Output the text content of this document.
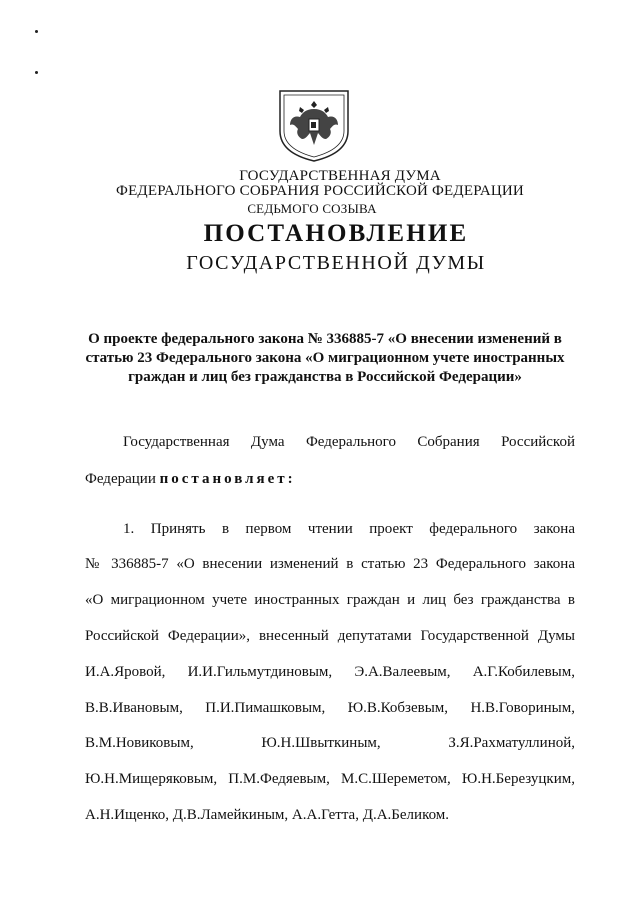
ГОСУДАРСТВЕННАЯ ДУМА
ФЕДЕРАЛЬНОГО СОБРАНИЯ РОССИЙСКОЙ ФЕДЕРАЦИИ
СЕДЬМОГО СОЗЫВА
ПОСТАНОВЛЕНИЕ
ГОСУДАРСТВЕННОЙ ДУМЫ
О проекте федерального закона № 336885-7 «О внесении изменений в
статью 23 Федерального закона «О миграционном учете иностранных
граждан и лиц без гражданства в Российской Федерации»
Государственная Дума Федерального Собрания Российской
Федерации постановляет:
1. Принять в первом чтении проект федерального закона
№ 336885-7 «О внесении изменений в статью 23 Федерального закона
«О миграционном учете иностранных граждан и лиц без гражданства в
Российской Федерации», внесенный депутатами Государственной Думы
И.А.Яровой, И.И.Гильмутдиновым, Э.А.Валеевым, А.Г.Кобилевым,
В.В.Ивановым, П.И.Пимашковым, Ю.В.Кобзевым, Н.В.Говориным,
В.М.Новиковым, Ю.Н.Швыткиным, З.Я.Рахматуллиной,
Ю.Н.Мищеряковым, П.М.Федяевым, М.С.Шереметом, Ю.Н.Березуцким,
А.Н.Ищенко, Д.В.Ламейкиным, А.А.Гетта, Д.А.Беликом.
